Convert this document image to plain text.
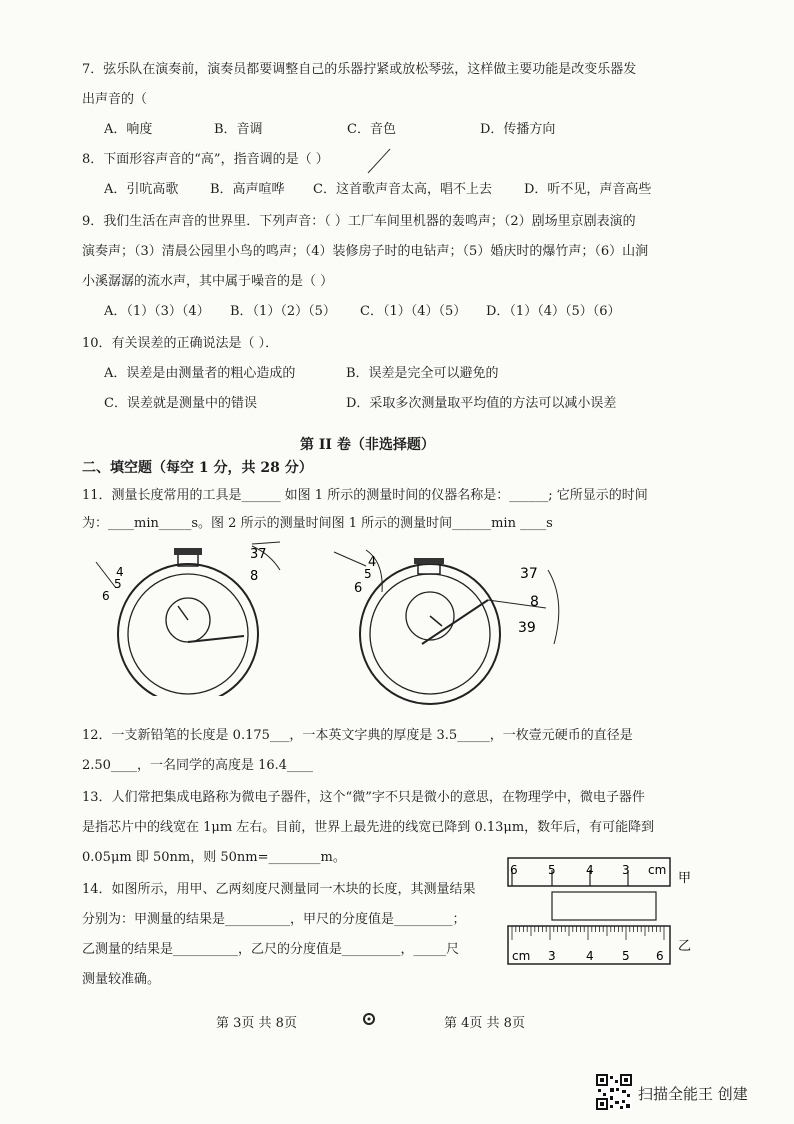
7．弦乐队在演奏前，演奏员都要调整自己的乐器拧紧或放松琴弦，这样做主要功能是改变乐器发
出声音的（
A．响度	B．音调	C．音色	D．传播方向
8．下面形容声音的“高”，指音调的是（ ）
A．引吭高歌 B．高声喧哗 C．这首歌声音太高，唱不上去 D．听不见，声音高些
9．我们生活在声音的世界里．下列声音：（ ）工厂车间里机器的轰鸣声；（2）剧场里京剧表演的
演奏声；（3）清晨公园里小鸟的鸣声；（4）装修房子时的电钻声；（5）婚庆时的爆竹声；（6）山涧
小溪潺潺的流水声，其中属于噪音的是（ ）
A．（1）（3）（4） B．（1）（2）（5） C．（1）（4）（5） D．（1）（4）（5）（6）
10．有关误差的正确说法是（ ）．
A．误差是由测量者的粗心造成的	B．误差是完全可以避免的
C．误差就是测量中的错误	D．采取多次测量取平均值的方法可以减小误差
第 II 卷（非选择题）
二、填空题（每空 1 分，共 28 分）
11．测量长度常用的工具是______ 如图 1 所示的测量时间的仪器名称是：______; 它所显示的时间
为：____min_____s。图 2 所示的测量时间图 1 所示的测量时间______min ____s
4
5
6
37
8
4
5
6
37
8
39
12．一支新铅笔的长度是 0.175___，一本英文字典的厚度是 3.5_____，一枚壹元硬币的直径是
2.50____，一名同学的高度是 16.4____
13．人们常把集成电路称为微电子器件，这个“微”字不只是微小的意思，在物理学中，微电子器件
是指芯片中的线宽在 1μm 左右。目前，世界上最先进的线宽已降到 0.13μm，数年后，有可能降到
0.05μm 即 50nm，则 50nm=________m。
14．如图所示，用甲、乙两刻度尺测量同一木块的长度，其测量结果
分别为：甲测量的结果是__________，甲尺的分度值是_________；
乙测量的结果是__________，乙尺的分度值是_________，_____尺
测量较准确。
6	5	4 3 cm
甲
cm 3	4 5 6
乙
第 3页 共 8页	第 4页 共 8页
扫描全能王 创建
